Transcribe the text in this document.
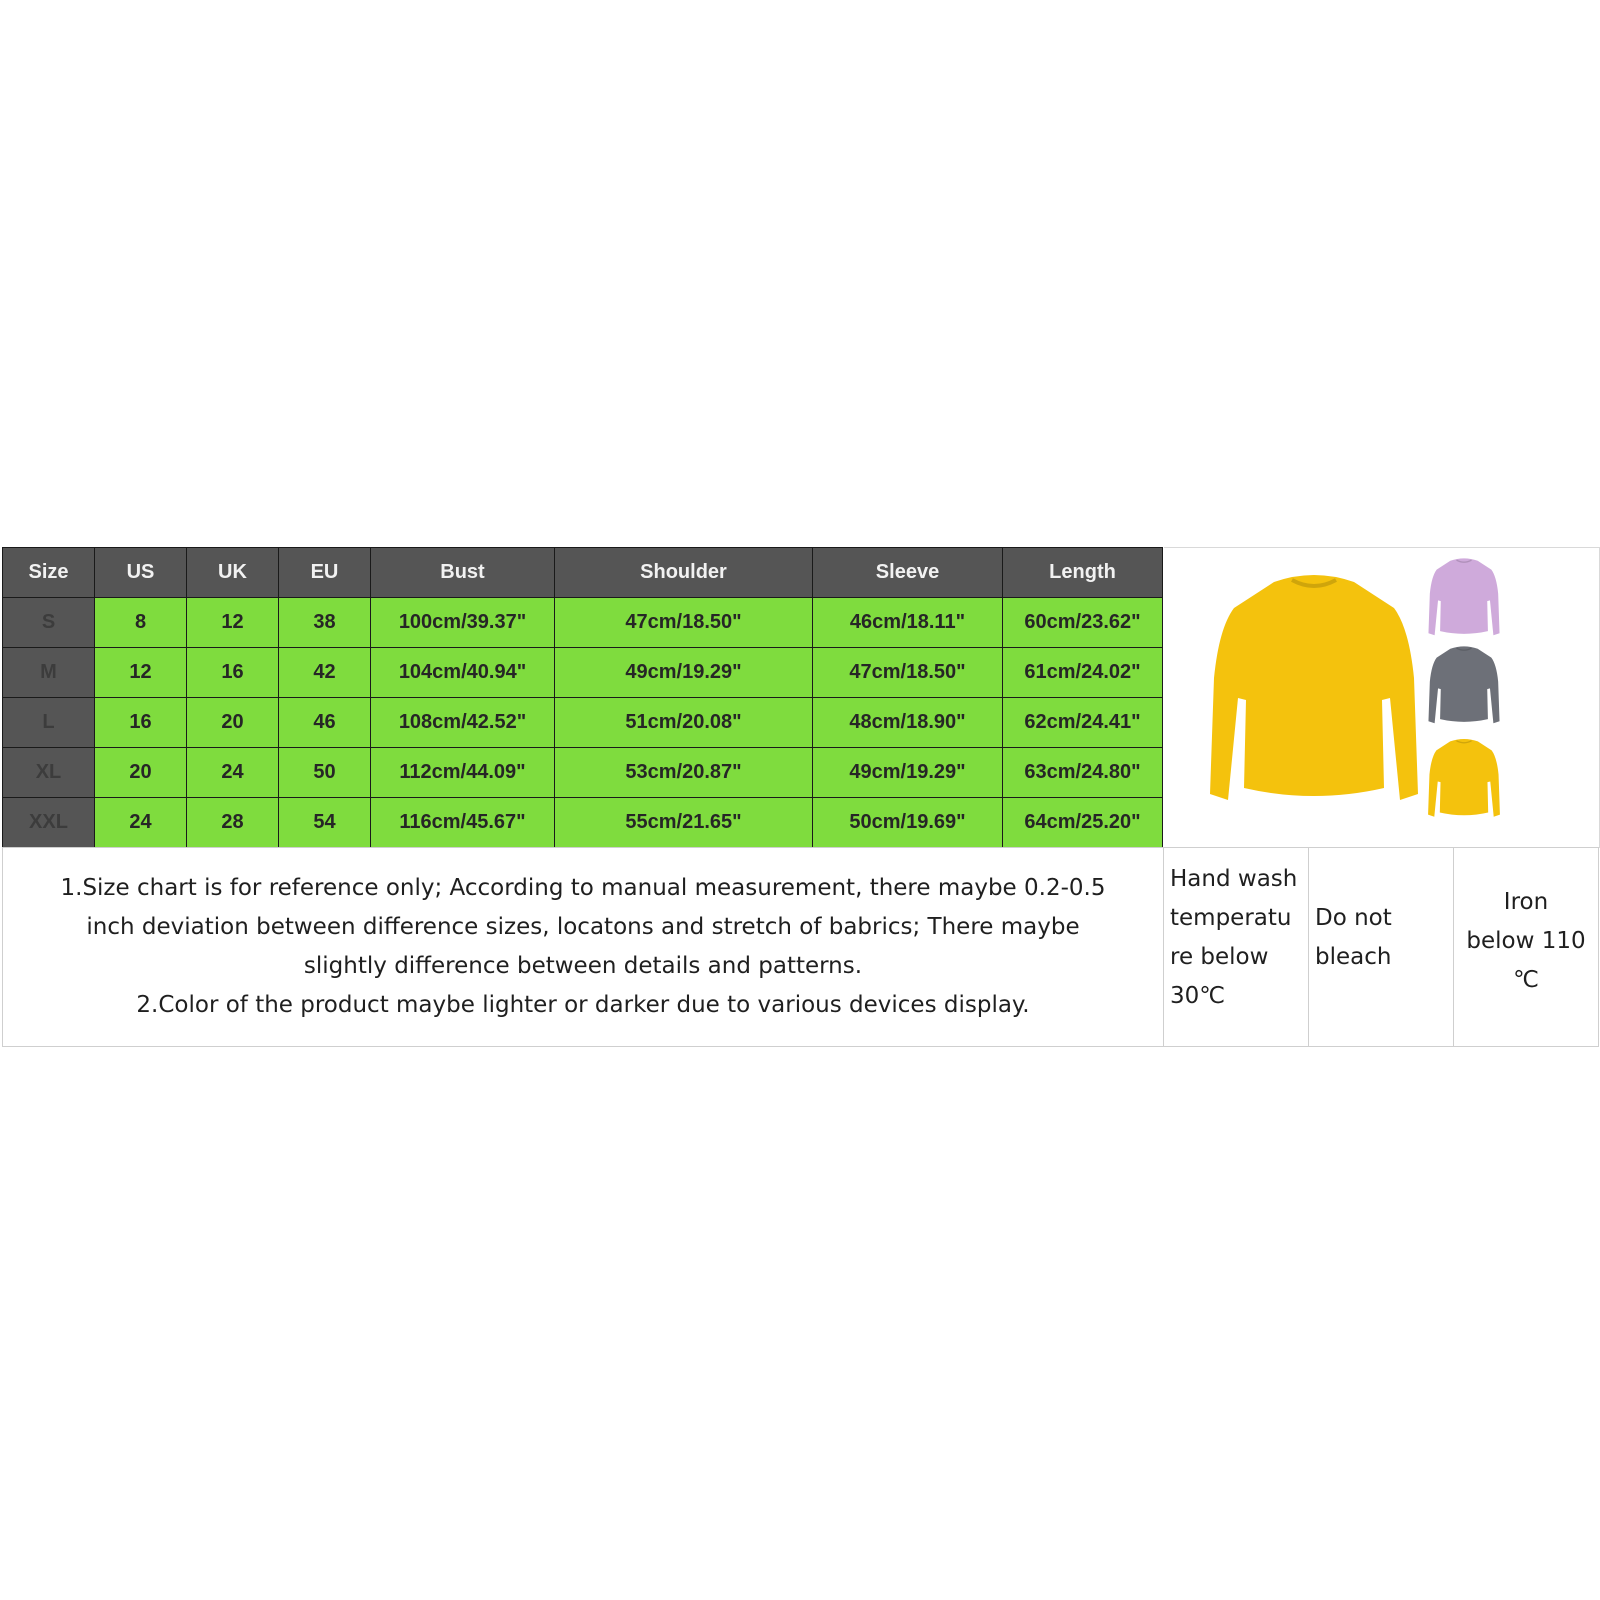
Size	US	UK	EU	Bust	Shoulder	Sleeve	Length
S	8	12	38	100cm/39.37"	47cm/18.50"	46cm/18.11"	60cm/23.62"
M	12	16	42	104cm/40.94"	49cm/19.29"	47cm/18.50"	61cm/24.02"
L	16	20	46	108cm/42.52"	51cm/20.08"	48cm/18.90"	62cm/24.41"
XL	20	24	50	112cm/44.09"	53cm/20.87"	49cm/19.29"	63cm/24.80"
XXL	24	28	54	116cm/45.67"	55cm/21.65"	50cm/19.69"	64cm/25.20"
1.Size chart is for reference only; According to manual measurement, there maybe 0.2-0.5
inch deviation between difference sizes, locatons and stretch of babrics; There maybe
slightly difference between details and patterns.
2.Color of the product maybe lighter or darker due to various devices display.
Hand wash
temperatu
re below
30℃
Do not
bleach
Iron
below 110
℃
